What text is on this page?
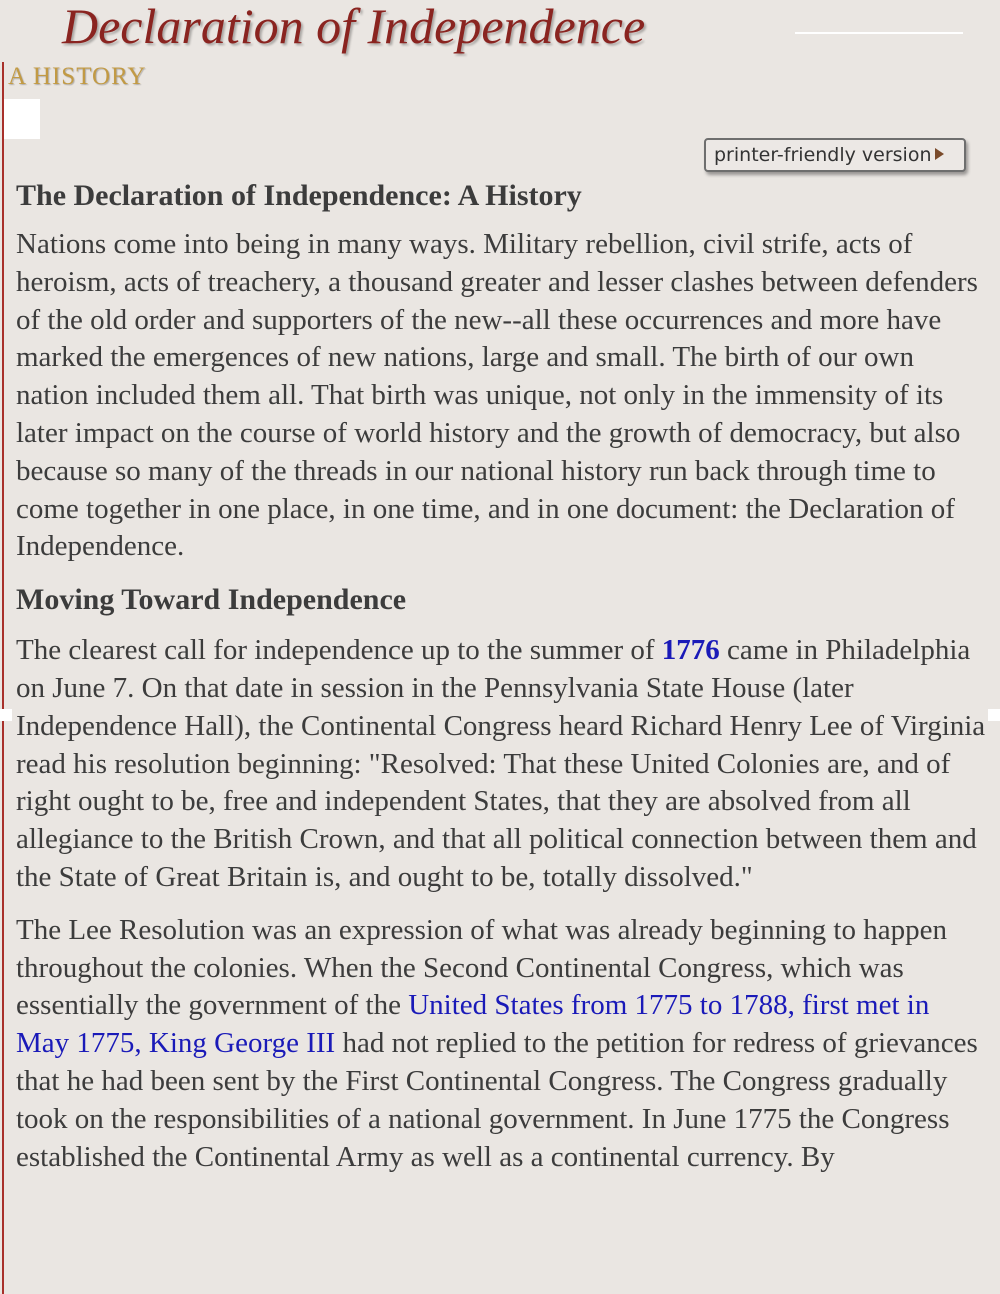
Declaration of Independence
A HISTORY
printer-friendly version
The Declaration of Independence: A History

Nations come into being in many ways. Military rebellion, civil strife, acts of heroism, acts of treachery, a thousand greater and lesser clashes between defenders of the old order and supporters of the new--all these occurrences and more have marked the emergences of new nations, large and small. The birth of our own nation included them all. That birth was unique, not only in the immensity of its later impact on the course of world history and the growth of democracy, but also because so many of the threads in our national history run back through time to come together in one place, in one time, and in one document: the Declaration of Independence.

Moving Toward Independence

The clearest call for independence up to the summer of 1776 came in Philadelphia on June 7. On that date in session in the Pennsylvania State House (later Independence Hall), the Continental Congress heard Richard Henry Lee of Virginia read his resolution beginning: "Resolved: That these United Colonies are, and of right ought to be, free and independent States, that they are absolved from all allegiance to the British Crown, and that all political connection between them and the State of Great Britain is, and ought to be, totally dissolved."

The Lee Resolution was an expression of what was already beginning to happen throughout the colonies. When the Second Continental Congress, which was essentially the government of the United States from 1775 to 1788, first met in May 1775, King George III had not replied to the petition for redress of grievances that he had been sent by the First Continental Congress. The Congress gradually took on the responsibilities of a national government. In June 1775 the Congress established the Continental Army as well as a continental currency. By
